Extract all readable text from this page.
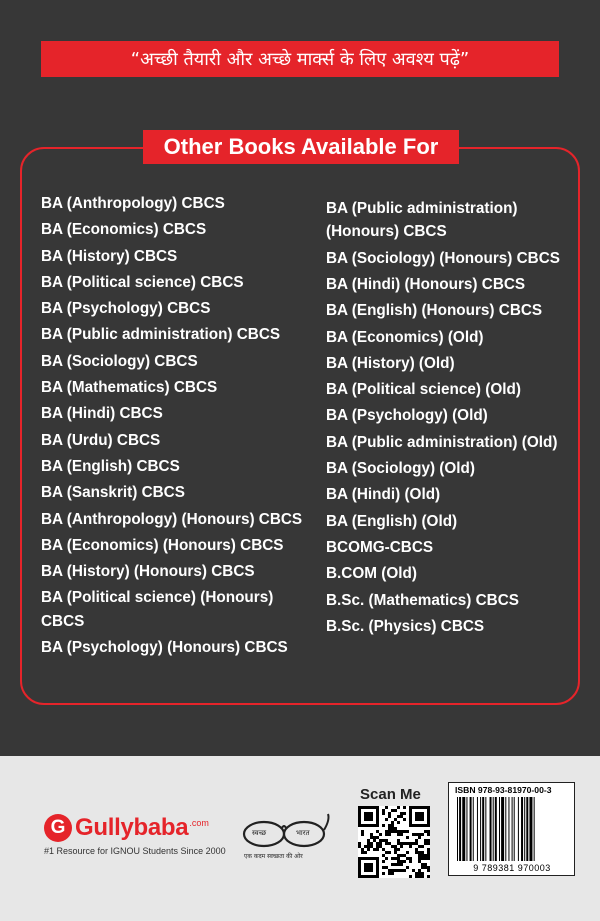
“अच्छी तैयारी और अच्छे मार्क्स के लिए अवश्य पढ़ें”
Other Books Available For
BA (Anthropology) CBCS
BA (Economics) CBCS
BA (History) CBCS
BA (Political science) CBCS
BA (Psychology) CBCS
BA (Public administration) CBCS
BA (Sociology) CBCS
BA (Mathematics) CBCS
BA (Hindi) CBCS
BA (Urdu) CBCS
BA (English) CBCS
BA (Sanskrit) CBCS
BA (Anthropology) (Honours) CBCS
BA (Economics) (Honours) CBCS
BA (History) (Honours) CBCS
BA (Political science) (Honours) CBCS
BA (Psychology) (Honours) CBCS
BA (Public administration) (Honours) CBCS
BA (Sociology) (Honours) CBCS
BA (Hindi) (Honours) CBCS
BA (English) (Honours) CBCS
BA (Economics) (Old)
BA (History) (Old)
BA (Political science) (Old)
BA (Psychology) (Old)
BA (Public administration) (Old)
BA (Sociology) (Old)
BA (Hindi) (Old)
BA (English) (Old)
BCOMG-CBCS
B.COM (Old)
B.Sc. (Mathematics) CBCS
B.Sc. (Physics) CBCS
G Gullybaba .com
#1 Resource for IGNOU Students Since 2000
स्वच्छ	भारत
एक कदम स्वच्छता की ओर
Scan Me	ISBN 978-93-81970-00-3
9 789381 970003
